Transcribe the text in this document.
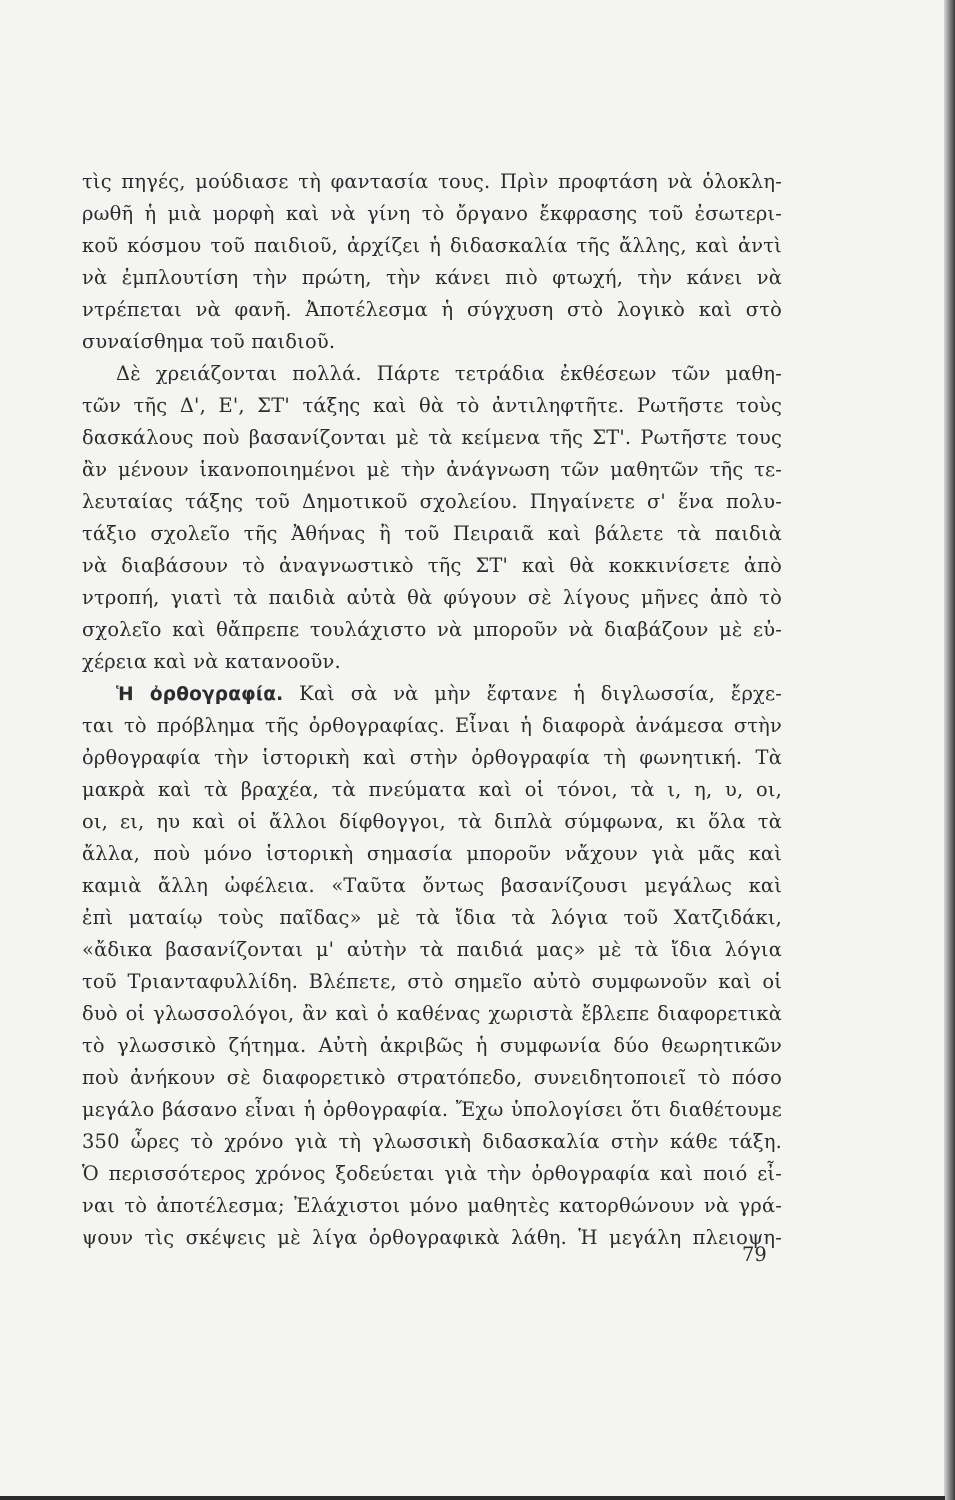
τὶς πηγές, μούδιασε τὴ φαντασία τους. Πρὶν προφτάση νὰ ὁλοκλη-
ρωθῆ ἡ μιὰ μορφὴ καὶ νὰ γίνη τὸ ὄργανο ἔκφρασης τοῦ ἐσωτερι-
κοῦ κόσμου τοῦ παιδιοῦ, ἀρχίζει ἡ διδασκαλία τῆς ἄλλης, καὶ ἀντὶ
νὰ ἐμπλουτίση τὴν πρώτη, τὴν κάνει πιὸ φτωχή, τὴν κάνει νὰ
ντρέπεται νὰ φανῆ. Ἀποτέλεσμα ἡ σύγχυση στὸ λογικὸ καὶ στὸ
συναίσθημα τοῦ παιδιοῦ.
Δὲ χρειάζονται πολλά. Πάρτε τετράδια ἐκθέσεων τῶν μαθη-
τῶν τῆς Δ', Ε', ΣΤ' τάξης καὶ θὰ τὸ ἀντιληφτῆτε. Ρωτῆστε τοὺς
δασκάλους ποὺ βασανίζονται μὲ τὰ κείμενα τῆς ΣΤ'. Ρωτῆστε τους
ἂν μένουν ἱκανοποιημένοι μὲ τὴν ἀνάγνωση τῶν μαθητῶν τῆς τε-
λευταίας τάξης τοῦ Δημοτικοῦ σχολείου. Πηγαίνετε σ' ἕνα πολυ-
τάξιο σχολεῖο τῆς Ἀθήνας ἢ τοῦ Πειραιᾶ καὶ βάλετε τὰ παιδιὰ
νὰ διαβάσουν τὸ ἀναγνωστικὸ τῆς ΣΤ' καὶ θὰ κοκκινίσετε ἀπὸ
ντροπή, γιατὶ τὰ παιδιὰ αὐτὰ θὰ φύγουν σὲ λίγους μῆνες ἀπὸ τὸ
σχολεῖο καὶ θἄπρεπε τουλάχιστο νὰ μποροῦν νὰ διαβάζουν μὲ εὐ-
χέρεια καὶ νὰ κατανοοῦν.
Ἡ ὀρθογραφία. Καὶ σὰ νὰ μὴν ἔφτανε ἡ διγλωσσία, ἔρχε-
ται τὸ πρόβλημα τῆς ὀρθογραφίας. Εἶναι ἡ διαφορὰ ἀνάμεσα στὴν
ὀρθογραφία τὴν ἱστορικὴ καὶ στὴν ὀρθογραφία τὴ φωνητική. Τὰ
μακρὰ καὶ τὰ βραχέα, τὰ πνεύματα καὶ οἱ τόνοι, τὰ ι, η, υ, οι,
οι, ει, ηυ καὶ οἱ ἄλλοι δίφθογγοι, τὰ διπλὰ σύμφωνα, κι ὅλα τὰ
ἄλλα, ποὺ μόνο ἱστορικὴ σημασία μποροῦν νἄχουν γιὰ μᾶς καὶ
καμιὰ ἄλλη ὠφέλεια. «Ταῦτα ὄντως βασανίζουσι μεγάλως καὶ
ἐπὶ ματαίῳ τοὺς παῖδας» μὲ τὰ ἴδια τὰ λόγια τοῦ Χατζιδάκι,
«ἄδικα βασανίζονται μ' αὐτὴν τὰ παιδιά μας» μὲ τὰ ἴδια λόγια
τοῦ Τριανταφυλλίδη. Βλέπετε, στὸ σημεῖο αὐτὸ συμφωνοῦν καὶ οἱ
δυὸ οἱ γλωσσολόγοι, ἂν καὶ ὁ καθένας χωριστὰ ἔβλεπε διαφορετικὰ
τὸ γλωσσικὸ ζήτημα. Αὐτὴ ἀκριβῶς ἡ συμφωνία δύο θεωρητικῶν
ποὺ ἀνήκουν σὲ διαφορετικὸ στρατόπεδο, συνειδητοποιεῖ τὸ πόσο
μεγάλο βάσανο εἶναι ἡ ὀρθογραφία. Ἔχω ὑπολογίσει ὅτι διαθέτουμε
350 ὧρες τὸ χρόνο γιὰ τὴ γλωσσικὴ διδασκαλία στὴν κάθε τάξη.
Ὁ περισσότερος χρόνος ξοδεύεται γιὰ τὴν ὀρθογραφία καὶ ποιό εἶ-
ναι τὸ ἀποτέλεσμα; Ἐλάχιστοι μόνο μαθητὲς κατορθώνουν νὰ γρά-
ψουν τὶς σκέψεις μὲ λίγα ὀρθογραφικὰ λάθη. Ἡ μεγάλη πλειοψη-
79
